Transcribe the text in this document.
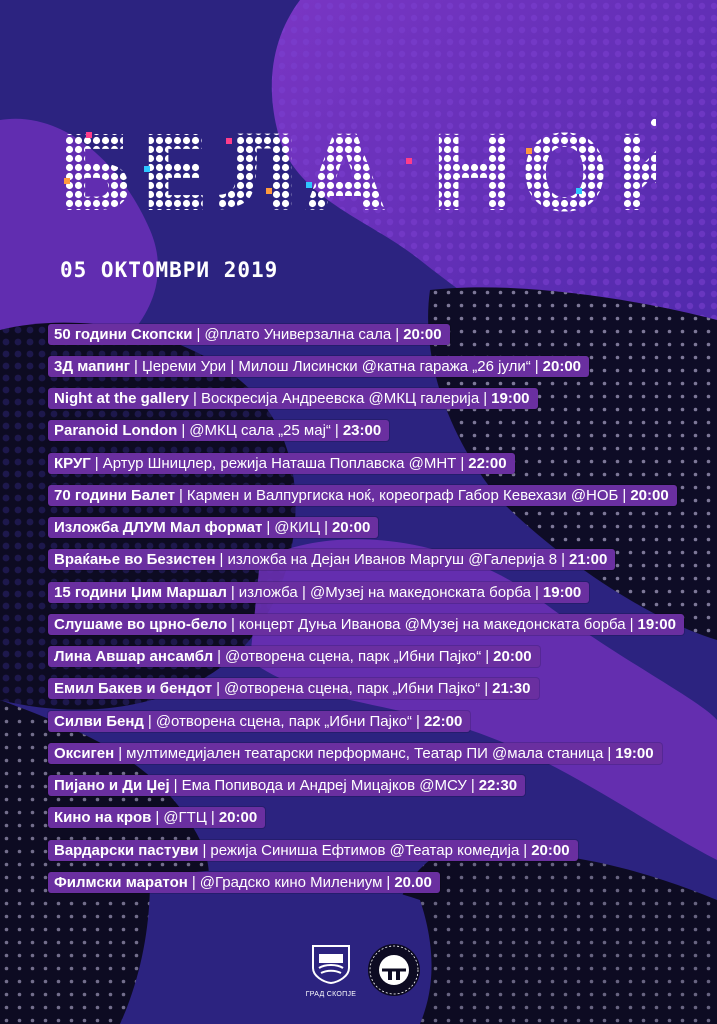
05 OKTOMBPИ 2019
50 години Скопски | @плато Универзална сала | 20:00
3Д мапинг | Џереми Ури | Милош Лисински @катна гаража „26 јули“ | 20:00
Night at the gallery | Воскресија Андреевска @МКЦ галерија | 19:00
Paranoid London | @МКЦ сала „25 мај“ | 23:00
КРУГ | Артур Шницлер, режија Наташа Поплавска @МНТ | 22:00
70 години Балет | Кармен и Валпургиска ноќ, кореограф Габор Кевехази @НОБ | 20:00
Изложба ДЛУМ Мал формат | @КИЦ | 20:00
Враќање во Безистен | изложба на Дејан Иванов Маргуш @Галерија 8 | 21:00
15 години Џим Маршал | изложба | @Музеј на македонската борба | 19:00
Слушаме во црно-бело | концерт Дуња Иванова @Музеј на македонската борба | 19:00
Лина Авшар ансамбл | @отворена сцена, парк „Ибни Пајко“ | 20:00
Емил Бакев и бендот | @отворена сцена, парк „Ибни Пајко“ | 21:30
Силви Бенд | @отворена сцена, парк „Ибни Пајко“ | 22:00
Оксиген | мултимедијален театарски перформанс, Театар ПИ @мала станица | 19:00
Пијано и Ди Џеј | Ема Попивода и Андреј Мицајков @МСУ | 22:30
Кино на кров | @ГТЦ | 20:00
Вардарски пастуви | режија Синиша Ефтимов @Театар комедија | 20:00
Филмски маратон | @Градско кино Милениум | 20.00
ГРАД СКОПЈЕ
